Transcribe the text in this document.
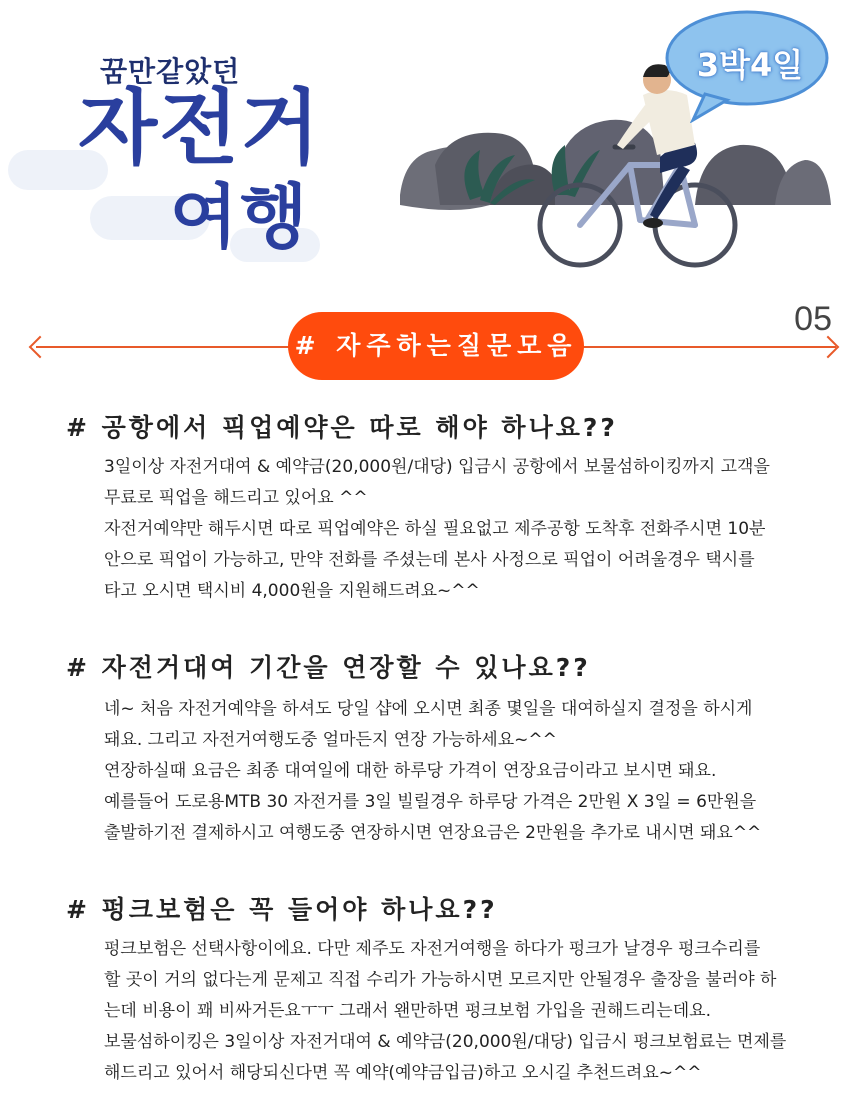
꿈만같았던
자전거
여행
3박4일
05
# 자주하는질문모음
# 공항에서 픽업예약은 따로 해야 하나요??

3일이상 자전거대여 & 예약금(20,000원/대당) 입금시 공항에서 보물섬하이킹까지 고객을

무료로 픽업을 해드리고 있어요 ^^

자전거예약만 해두시면 따로 픽업예약은 하실 필요없고 제주공항 도착후 전화주시면 10분

안으로 픽업이 가능하고, 만약 전화를 주셨는데 본사 사정으로 픽업이 어려울경우 택시를

타고 오시면 택시비 4,000원을 지원해드려요~^^

# 자전거대여 기간을 연장할 수 있나요??

네~ 처음 자전거예약을 하셔도 당일 샵에 오시면 최종 몇일을 대여하실지 결정을 하시게

돼요. 그리고 자전거여행도중 얼마든지 연장 가능하세요~^^

연장하실때 요금은 최종 대여일에 대한 하루당 가격이 연장요금이라고 보시면 돼요.

예를들어 도로용MTB 30 자전거를 3일 빌릴경우 하루당 가격은 2만원 X 3일 = 6만원을

출발하기전 결제하시고 여행도중 연장하시면 연장요금은 2만원을 추가로 내시면 돼요^^

# 펑크보험은 꼭 들어야 하나요??

펑크보험은 선택사항이에요. 다만 제주도 자전거여행을 하다가 펑크가 날경우 펑크수리를

할 곳이 거의 없다는게 문제고 직접 수리가 가능하시면 모르지만 안될경우 출장을 불러야 하

는데 비용이 꽤 비싸거든요ㅜㅜ 그래서 왠만하면 펑크보험 가입을 권해드리는데요.

보물섬하이킹은 3일이상 자전거대여 & 예약금(20,000원/대당) 입금시 펑크보험료는 면제를

해드리고 있어서 해당되신다면 꼭 예약(예약금입금)하고 오시길 추천드려요~^^
